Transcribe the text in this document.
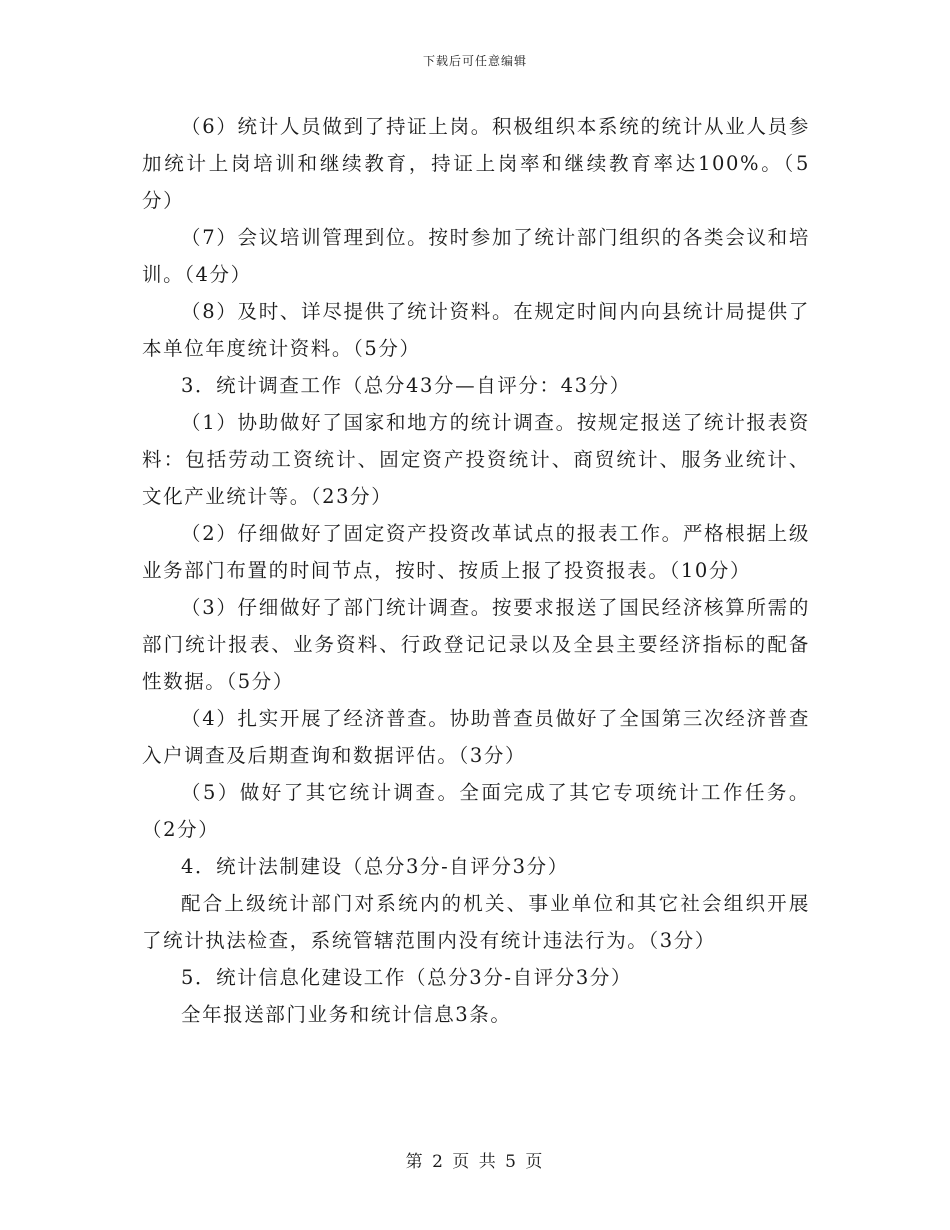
下载后可任意编辑

（6）统计人员做到了持证上岗。积极组织本系统的统计从业人员参加统计上岗培训和继续教育，持证上岗率和继续教育率达100%。（5分）

（7）会议培训管理到位。按时参加了统计部门组织的各类会议和培训。（4分）

（8）及时、详尽提供了统计资料。在规定时间内向县统计局提供了本单位年度统计资料。（5分）

3．统计调查工作（总分43分—自评分：43分）

（1）协助做好了国家和地方的统计调查。按规定报送了统计报表资料：包括劳动工资统计、固定资产投资统计、商贸统计、服务业统计、文化产业统计等。（23分）

（2）仔细做好了固定资产投资改革试点的报表工作。严格根据上级业务部门布置的时间节点，按时、按质上报了投资报表。（10分）

（3）仔细做好了部门统计调查。按要求报送了国民经济核算所需的部门统计报表、业务资料、行政登记记录以及全县主要经济指标的配备性数据。（5分）

（4）扎实开展了经济普查。协助普查员做好了全国第三次经济普查入户调查及后期查询和数据评估。（3分）

（5）做好了其它统计调查。全面完成了其它专项统计工作任务。（2分）

4．统计法制建设（总分3分-自评分3分）

配合上级统计部门对系统内的机关、事业单位和其它社会组织开展了统计执法检查，系统管辖范围内没有统计违法行为。（3分）

5．统计信息化建设工作（总分3分-自评分3分）

全年报送部门业务和统计信息3条。

第 2 页 共 5 页
